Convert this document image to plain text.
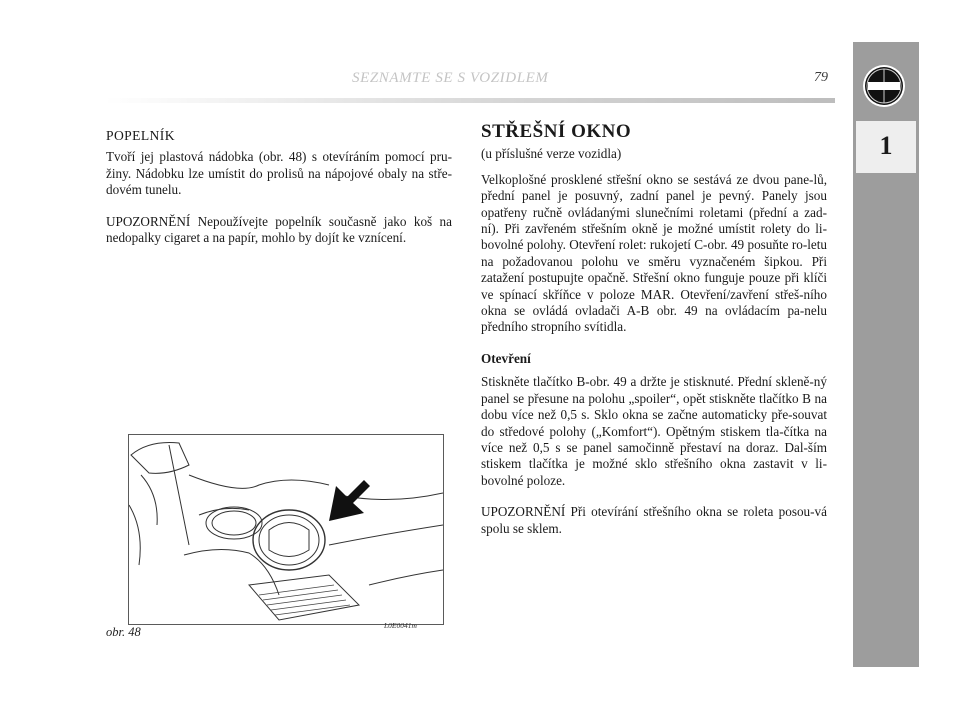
SEZNAMTE SE S VOZIDLEM	79
1

POPELNÍK

Tvoří jej plastová nádobka (obr. 48) s otevíráním pomocí pru-žiny. Nádobku lze umístit do prolisů na nápojové obaly na stře-dovém tunelu.

UPOZORNĚNÍ Nepoužívejte popelník současně jako koš na nedopalky cigaret a na papír, mohlo by dojít ke vznícení.

L0E0041m
obr. 48

STŘEŠNÍ OKNO

(u příslušné verze vozidla)

Velkoplošné prosklené střešní okno se sestává ze dvou pane-lů, přední panel je posuvný, zadní panel je pevný. Panely jsou opatřeny ručně ovládanými slunečními roletami (přední a zad-ní). Při zavřeném střešním okně je možné umístit rolety do li-bovolné polohy. Otevření rolet: rukojetí C-obr. 49 posuňte ro-letu na požadovanou polohu ve směru vyznačeném šipkou. Při zatažení postupujte opačně. Střešní okno funguje pouze při klíči ve spínací skříňce v poloze MAR. Otevření/zavření střeš-ního okna se ovládá ovladači A-B obr. 49 na ovládacím pa-nelu předního stropního svítidla.

Otevření

Stiskněte tlačítko B-obr. 49 a držte je stisknuté. Přední skleně-ný panel se přesune na polohu „spoiler“, opět stiskněte tlačítko B na dobu více než 0,5 s. Sklo okna se začne automaticky pře-souvat do středové polohy („Komfort“). Opětným stiskem tla-čítka na více než 0,5 s se panel samočinně přestaví na doraz. Dal-ším stiskem tlačítka je možné sklo střešního okna zastavit v li-bovolné poloze.

UPOZORNĚNÍ Při otevírání střešního okna se roleta posou-vá spolu se sklem.
